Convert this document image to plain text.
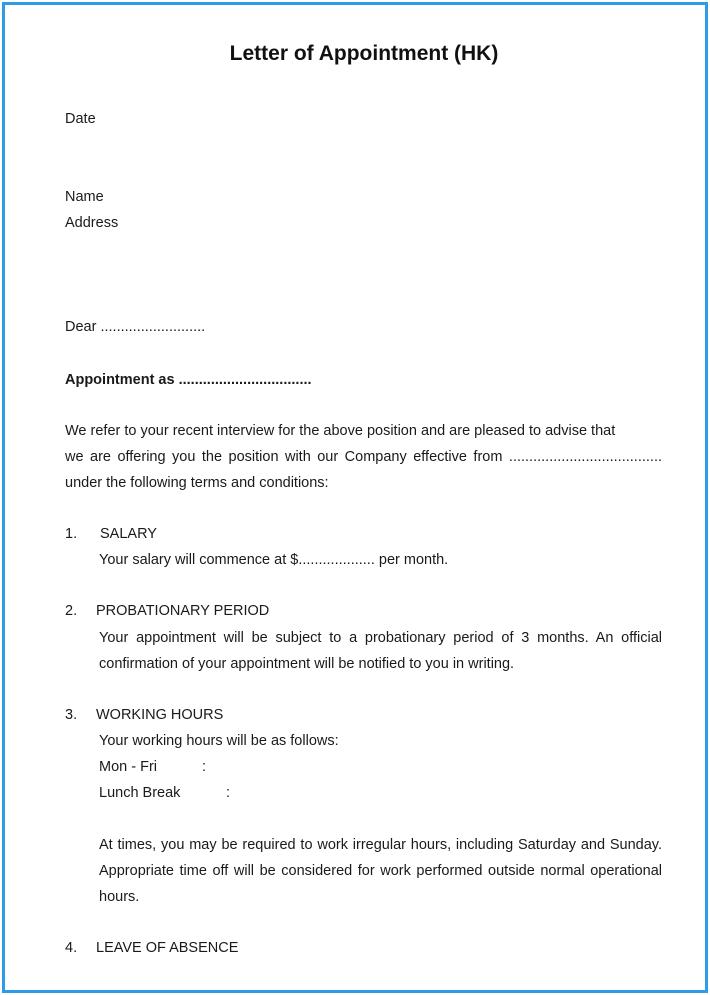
Letter of Appointment (HK)
Date
Name
Address
Dear ..........................
Appointment as .................................
We refer to your recent interview for the above position and are pleased to advise that
we are offering you the position with our Company effective from ......................................
under the following terms and conditions:
1. SALARY
Your salary will commence at $................... per month.
2. PROBATIONARY PERIOD
Your appointment will be subject to a probationary period of 3 months. An official
confirmation of your appointment will be notified to you in writing.
3. WORKING HOURS
Your working hours will be as follows:
Mon - Fri	:
Lunch Break	:
At times, you may be required to work irregular hours, including Saturday and Sunday.
Appropriate time off will be considered for work performed outside normal operational
hours.
4. LEAVE OF ABSENCE
